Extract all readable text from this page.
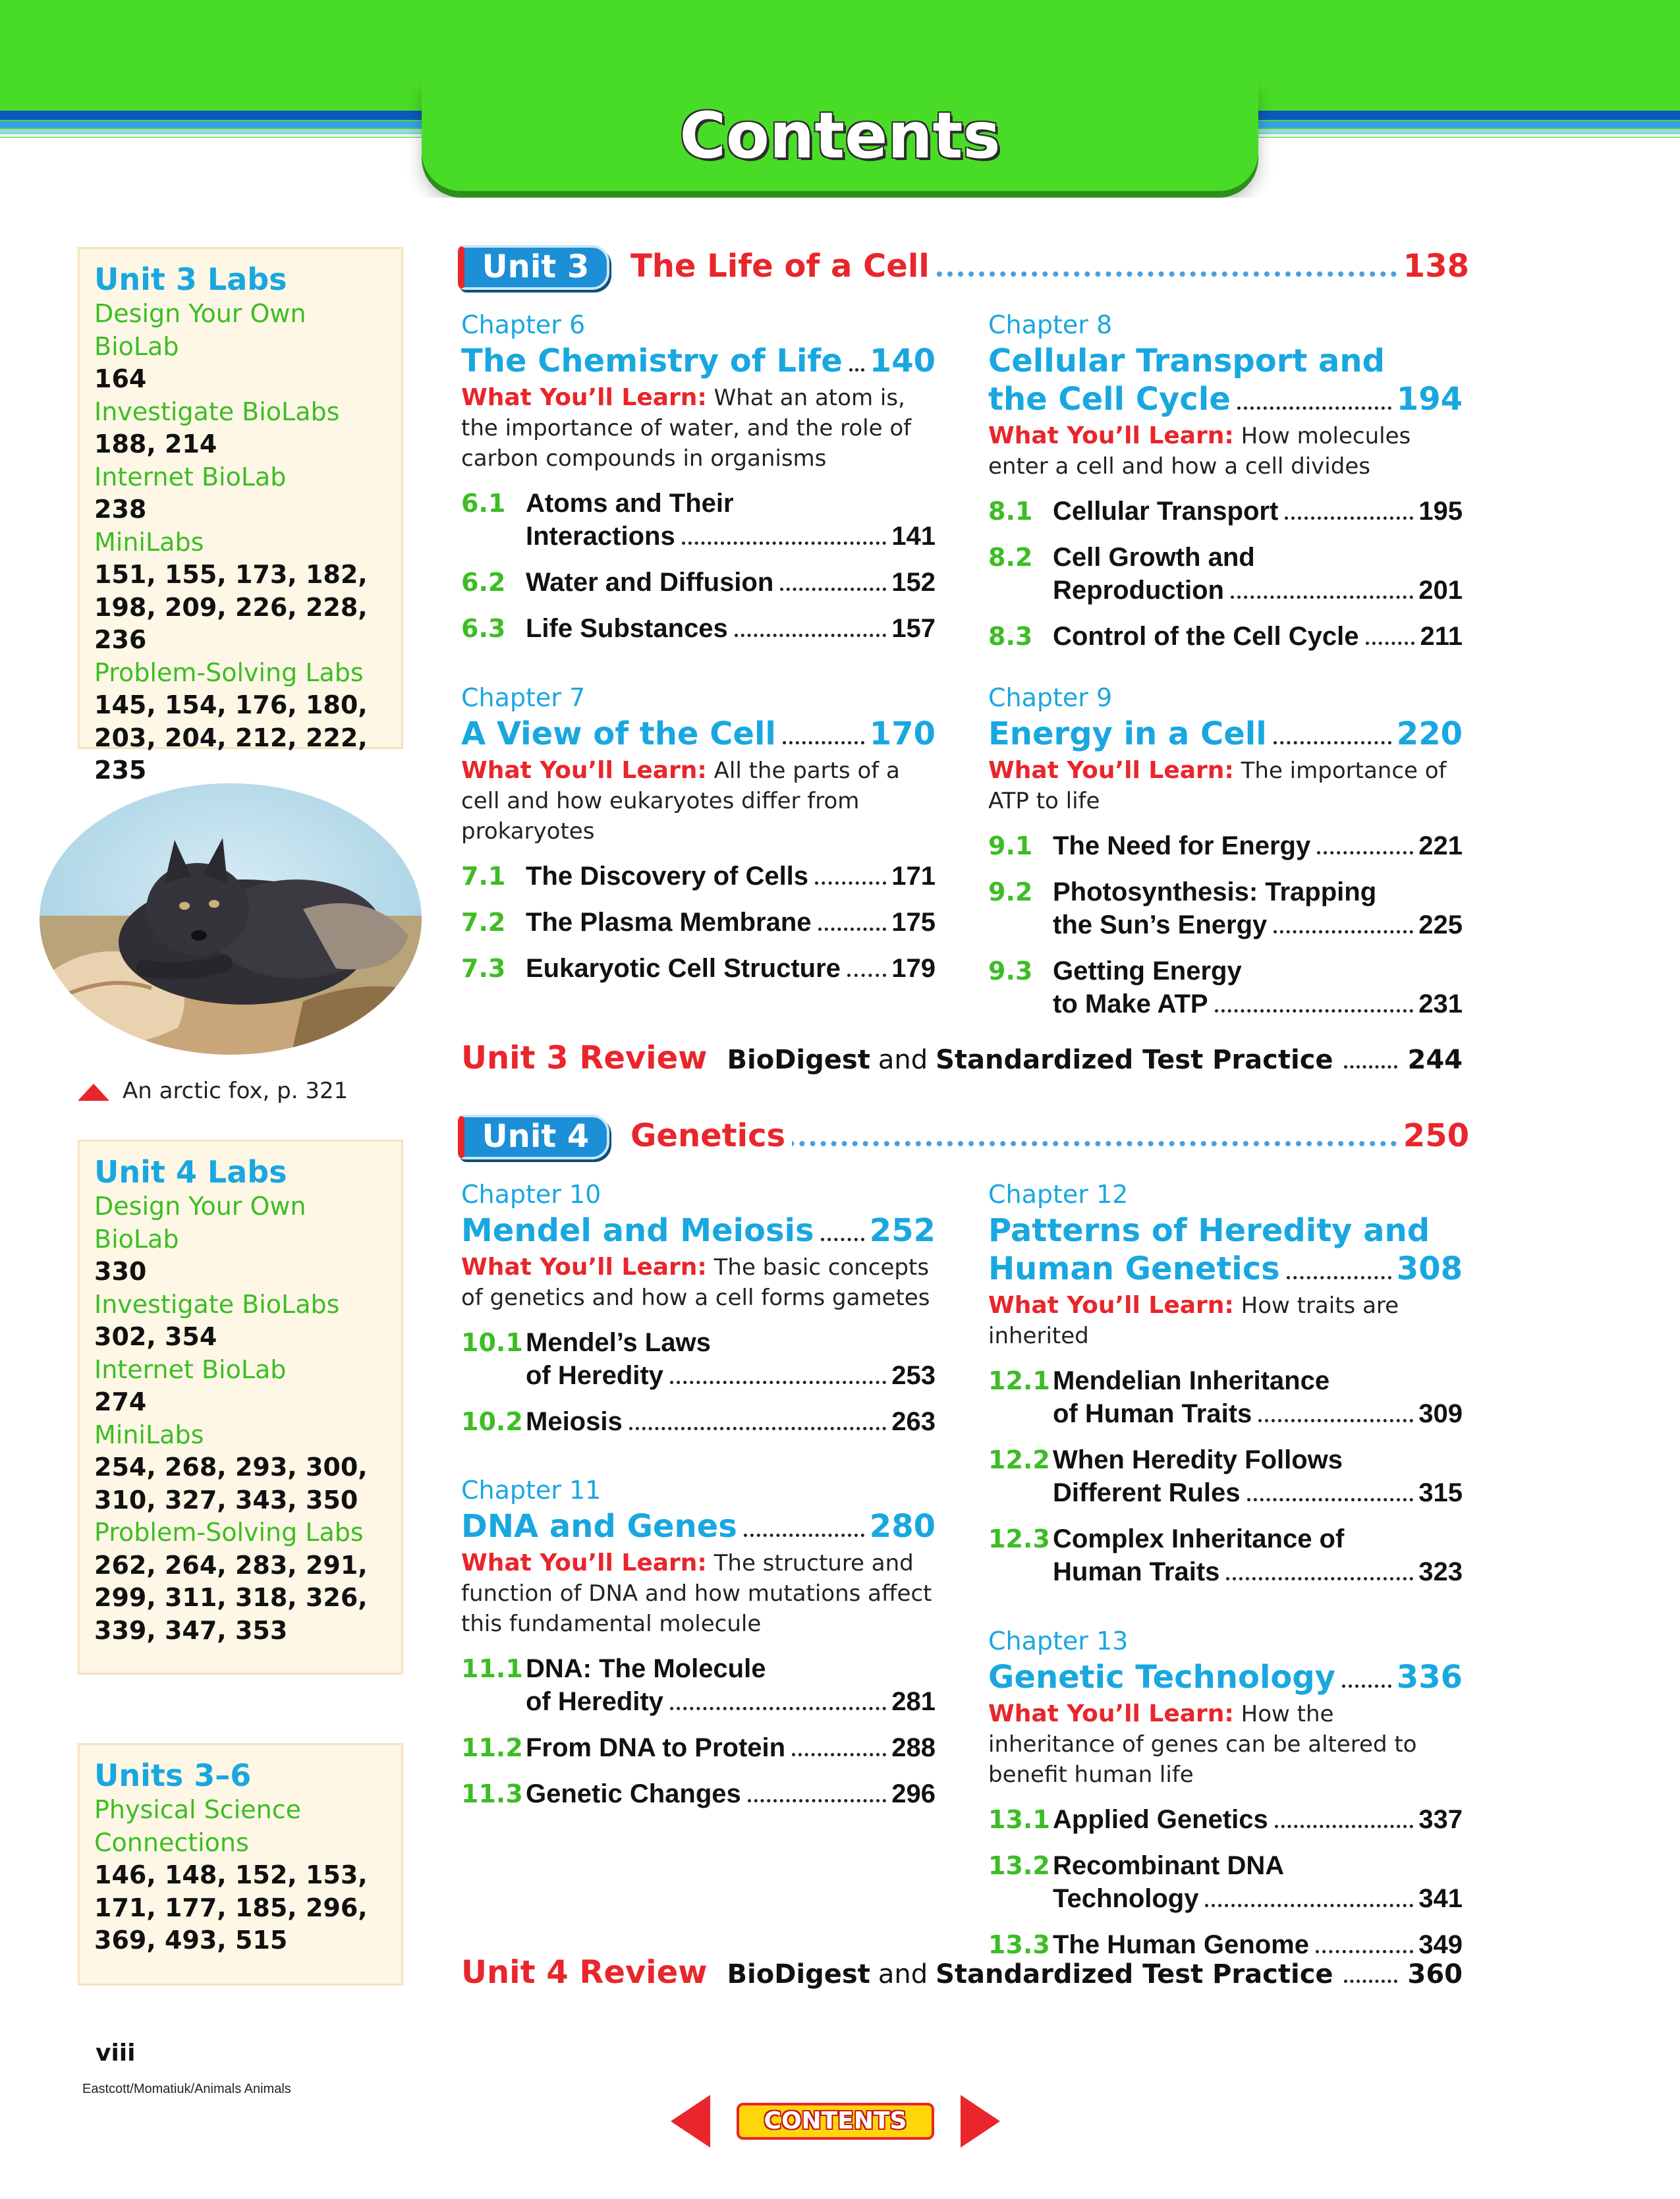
Contents
Unit 3 Labs
Design Your Own BioLab
164
Investigate BioLabs
188, 214
Internet BioLab
238
MiniLabs
151, 155, 173, 182, 198, 209, 226, 228, 236
Problem-Solving Labs
145, 154, 176, 180, 203, 204, 212, 222, 235
An arctic fox, p. 321
Unit 4 Labs
Design Your Own BioLab
330
Investigate BioLabs
302, 354
Internet BioLab
274
MiniLabs
254, 268, 293, 300, 310, 327, 343, 350
Problem-Solving Labs
262, 264, 283, 291, 299, 311, 318, 326, 339, 347, 353
Units 3–6
Physical Science Connections
146, 148, 152, 153, 171, 177, 185, 296, 369, 493, 515
viii
Eastcott/Momatiuk/Animals Animals
Unit 3	The Life of a Cell	138
Chapter 6
The Chemistry of Life 140
What You’ll Learn: What an atom is, the importance of water, and the role of carbon compounds in organisms
6.1 Atoms and Their
Interactions	141
6.2 Water and Diffusion	152
6.3 Life Substances	157
Chapter 7
A View of the Cell	170
What You’ll Learn: All the parts of a cell and how eukaryotes differ from prokaryotes
7.1 The Discovery of Cells	171
7.2 The Plasma Membrane	175
7.3 Eukaryotic Cell Structure 179
Chapter 8
Cellular Transport and
the Cell Cycle	194
What You’ll Learn: How molecules enter a cell and how a cell divides
8.1 Cellular Transport	195
8.2 Cell Growth and
Reproduction	201
8.3 Control of the Cell Cycle 211
Chapter 9
Energy in a Cell	220
What You’ll Learn: The importance of ATP to life
9.1 The Need for Energy	221
9.2 Photosynthesis: Trapping
the Sun’s Energy	225
9.3 Getting Energy
to Make ATP	231
Unit 3 Review BioDigest and Standardized Test Practice	244
Unit 4	Genetics	250
Chapter 10
Mendel and Meiosis 252
What You’ll Learn: The basic concepts of genetics and how a cell forms gametes
10.1 Mendel’s Laws
of Heredity	253
10.2 Meiosis	263
Chapter 11
DNA and Genes	280
What You’ll Learn: The structure and function of DNA and how mutations affect this fundamental molecule
11.1 DNA: The Molecule
of Heredity	281
11.2 From DNA to Protein	288
11.3 Genetic Changes	296
Chapter 12
Patterns of Heredity and
Human Genetics	308
What You’ll Learn: How traits are inherited
12.1 Mendelian Inheritance
of Human Traits	309
12.2 When Heredity Follows
Different Rules	315
12.3 Complex Inheritance of
Human Traits	323
Chapter 13
Genetic Technology 336
What You’ll Learn: How the inheritance of genes can be altered to benefit human life
13.1 Applied Genetics	337
13.2 Recombinant DNA
Technology	341
13.3 The Human Genome	349
Unit 4 Review BioDigest and Standardized Test Practice	360
CONTENTS
